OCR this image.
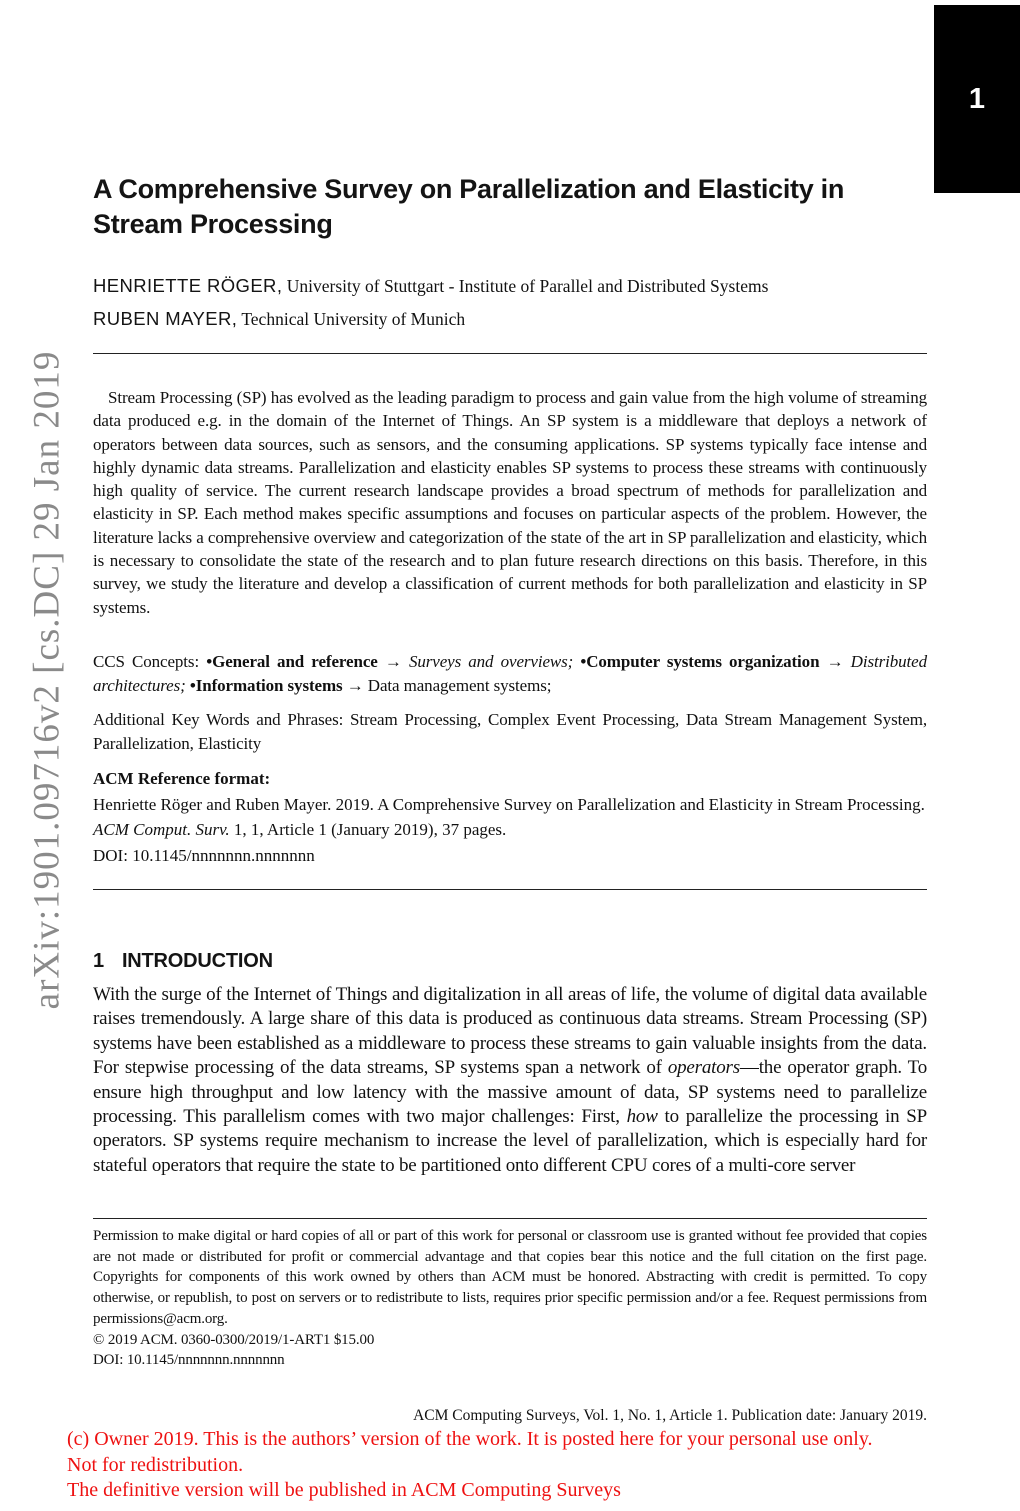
arXiv:1901.09716v2 [cs.DC] 29 Jan 2019
1
A Comprehensive Survey on Parallelization and Elasticity in
Stream Processing
HENRIETTE RÖGER, University of Stuttgart - Institute of Parallel and Distributed Systems
RUBEN MAYER, Technical University of Munich

Stream Processing (SP) has evolved as the leading paradigm to process and gain value from the high volume of streaming data produced e.g. in the domain of the Internet of Things. An SP system is a middleware that deploys a network of operators between data sources, such as sensors, and the consuming applications. SP systems typically face intense and highly dynamic data streams. Parallelization and elasticity enables SP systems to process these streams with continuously high quality of service. The current research landscape provides a broad spectrum of methods for parallelization and elasticity in SP. Each method makes specific assumptions and focuses on particular aspects of the problem. However, the literature lacks a comprehensive overview and categorization of the state of the art in SP parallelization and elasticity, which is necessary to consolidate the state of the research and to plan future research directions on this basis. Therefore, in this survey, we study the literature and develop a classification of current methods for both parallelization and elasticity in SP systems.

CCS Concepts: •General and reference → Surveys and overviews; •Computer systems organization → Distributed architectures; •Information systems → Data management systems;

Additional Key Words and Phrases: Stream Processing, Complex Event Processing, Data Stream Management System, Parallelization, Elasticity

ACM Reference format:

Henriette Röger and Ruben Mayer. 2019. A Comprehensive Survey on Parallelization and Elasticity in Stream Processing. ACM Comput. Surv. 1, 1, Article 1 (January 2019), 37 pages.

DOI: 10.1145/nnnnnnn.nnnnnnn
1 INTRODUCTION

With the surge of the Internet of Things and digitalization in all areas of life, the volume of digital data available raises tremendously. A large share of this data is produced as continuous data streams. Stream Processing (SP) systems have been established as a middleware to process these streams to gain valuable insights from the data. For stepwise processing of the data streams, SP systems span a network of operators—the operator graph. To ensure high throughput and low latency with the massive amount of data, SP systems need to parallelize processing. This parallelism comes with two major challenges: First, how to parallelize the processing in SP operators. SP systems require mechanism to increase the level of parallelization, which is especially hard for stateful operators that require the state to be partitioned onto different CPU cores of a multi-core server

Permission to make digital or hard copies of all or part of this work for personal or classroom use is granted without fee provided that copies are not made or distributed for profit or commercial advantage and that copies bear this notice and the full citation on the first page. Copyrights for components of this work owned by others than ACM must be honored. Abstracting with credit is permitted. To copy otherwise, or republish, to post on servers or to redistribute to lists, requires prior specific permission and/or a fee. Request permissions from permissions@acm.org.

© 2019 ACM. 0360-0300/2019/1-ART1 $15.00
DOI: 10.1145/nnnnnnn.nnnnnnn
ACM Computing Surveys, Vol. 1, No. 1, Article 1. Publication date: January 2019.
(c) Owner 2019. This is the authors’ version of the work. It is posted here for your personal use only.
Not for redistribution.
The definitive version will be published in ACM Computing Surveys
